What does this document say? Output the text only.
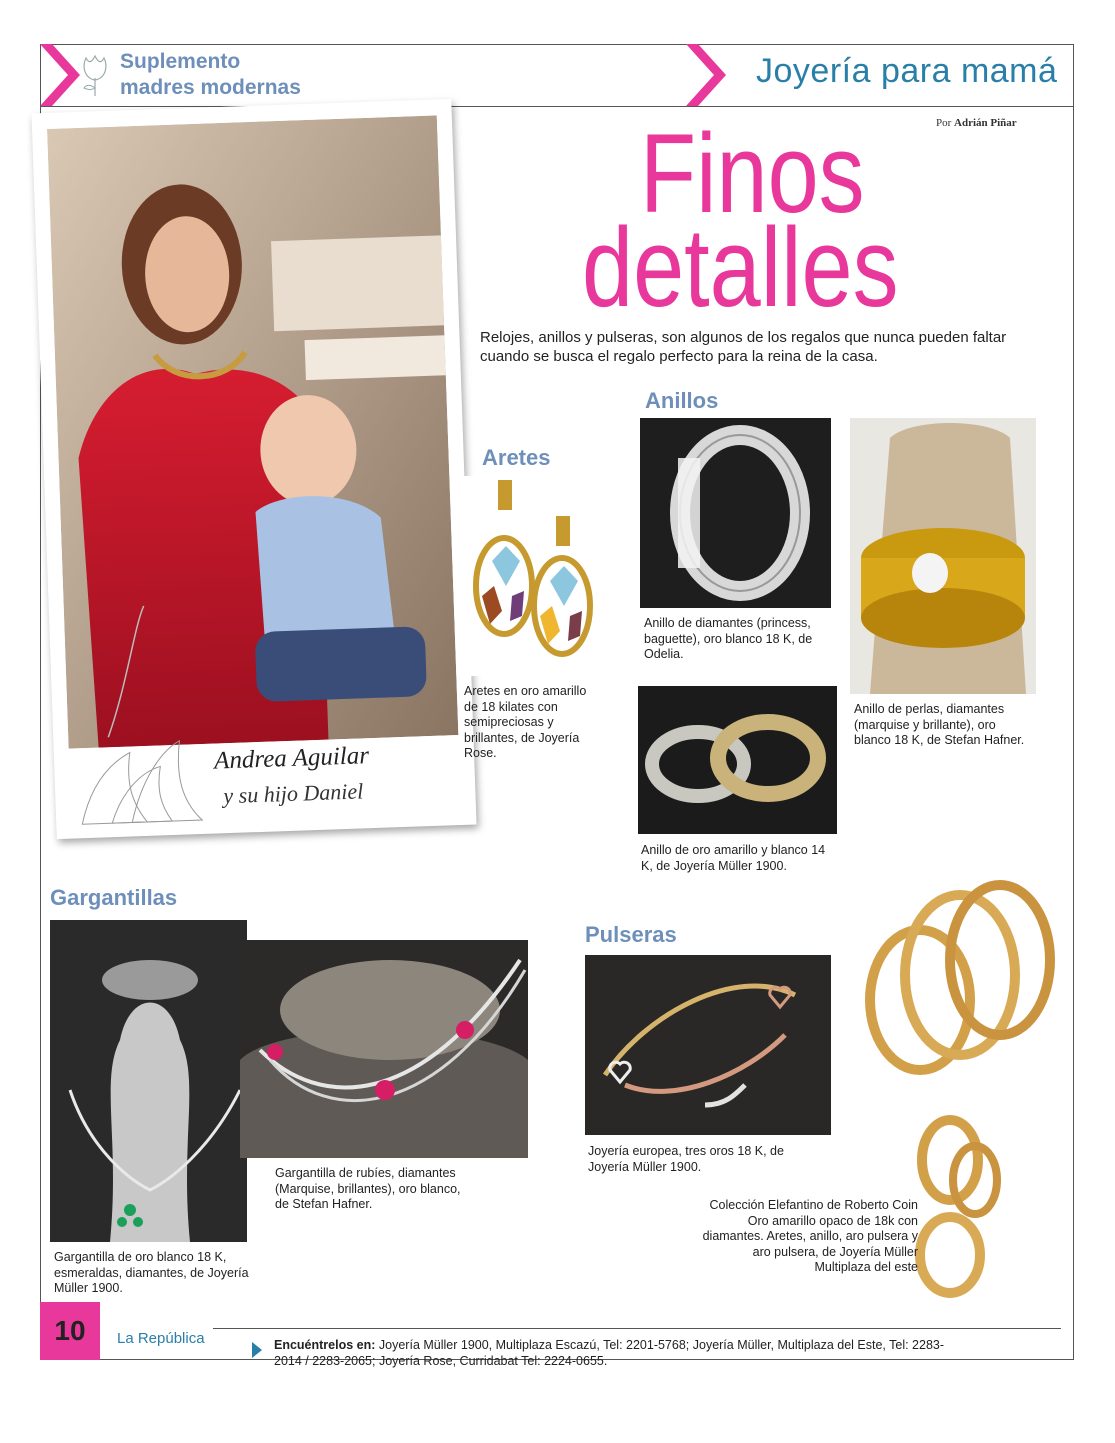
Suplemento
madres modernas	Joyería para mamá
Por Adrián Piñar
Finos
detalles
Relojes, anillos y pulseras, son algunos de los regalos que nunca pueden faltar cuando se busca el regalo perfecto para la reina de la casa.
Andrea Aguilar
y su hijo Daniel
Anillos
Anillo de diamantes (princess, baguette), oro blanco 18 K, de Odelia.
Anillo de perlas, diamantes (marquise y brillante), oro blanco 18 K, de Stefan Hafner.
Anillo de oro amarillo y blanco 14 K, de Joyería Müller 1900.
Aretes
Aretes en oro amarillo de 18 kilates con semipreciosas y brillantes, de Joyería Rose.
Gargantillas
Gargantilla de oro blanco 18 K, esmeraldas, diamantes, de Joyería Müller 1900.
Gargantilla de rubíes, diamantes (Marquise, brillantes), oro blanco, de Stefan Hafner.
Pulseras
Joyería europea, tres oros 18 K, de Joyería Müller 1900.
Colección Elefantino de Roberto Coin Oro amarillo opaco de 18k con diamantes. Aretes, anillo, aro pulsera y aro pulsera, de Joyería Müller Multiplaza del este
Encuéntrelos en: Joyería Müller 1900, Multiplaza Escazú, Tel: 2201-5768; Joyería Müller, Multiplaza del Este, Tel: 2283-2014 / 2283-2065; Joyería Rose, Curridabat Tel: 2224-0655.
10	La República
